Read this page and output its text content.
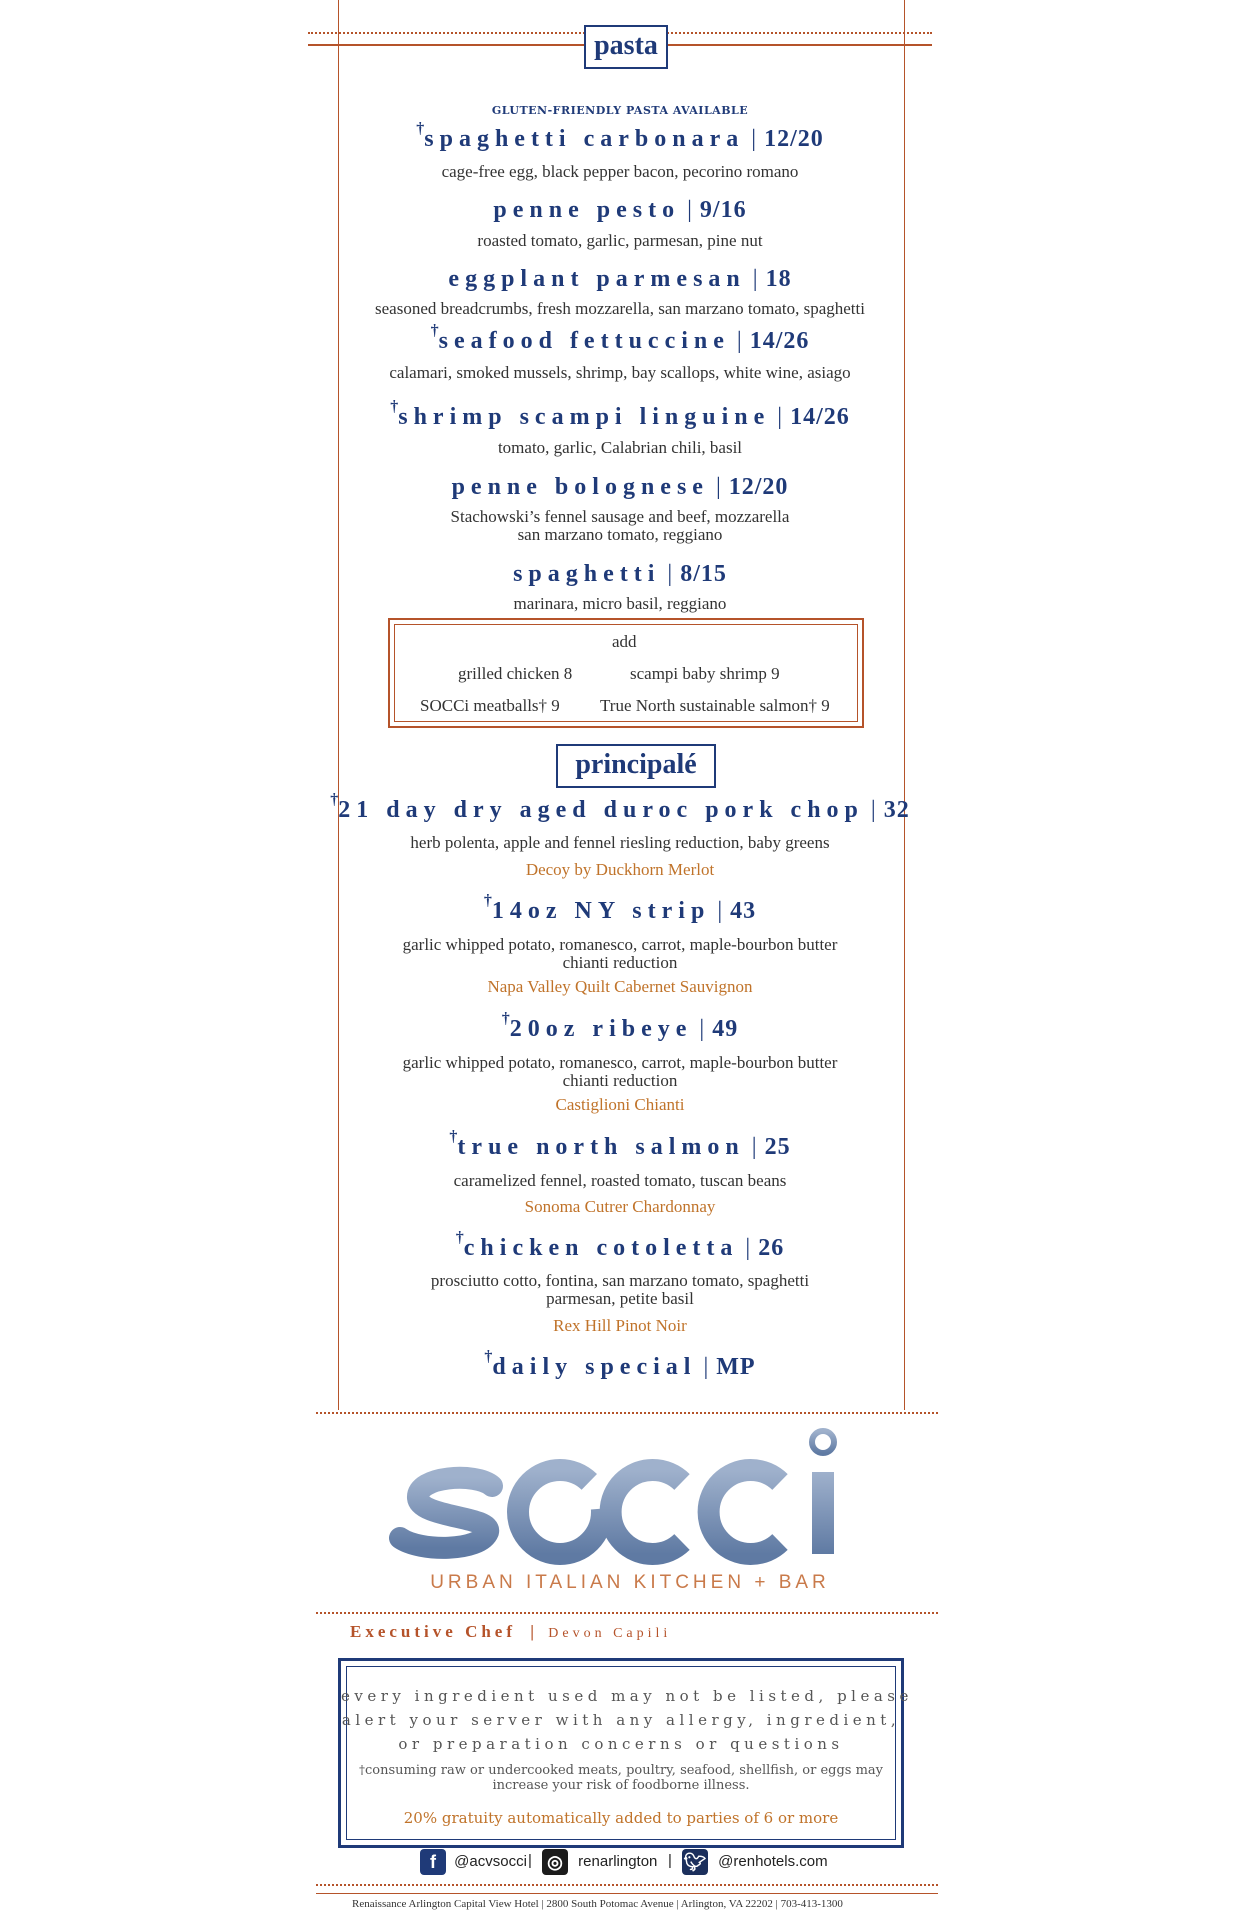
pasta
GLUTEN-FRIENDLY PASTA AVAILABLE
†spaghetti carbonara | 12/20
cage-free egg, black pepper bacon, pecorino romano
penne pesto | 9/16
roasted tomato, garlic, parmesan, pine nut
eggplant parmesan | 18
seasoned breadcrumbs, fresh mozzarella, san marzano tomato, spaghetti
†seafood fettuccine | 14/26
calamari, smoked mussels, shrimp, bay scallops, white wine, asiago
†shrimp scampi linguine | 14/26
tomato, garlic, Calabrian chili, basil
penne bolognese | 12/20
Stachowski’s fennel sausage and beef, mozzarella
san marzano tomato, reggiano
spaghetti | 8/15
marinara, micro basil, reggiano
add
grilled chicken 8	scampi baby shrimp 9
SOCCi meatballs† 9 True North sustainable salmon† 9
principalé
†21 day dry aged duroc pork chop | 32
herb polenta, apple and fennel riesling reduction, baby greens
Decoy by Duckhorn Merlot
†14oz NY strip | 43
garlic whipped potato, romanesco, carrot, maple-bourbon butter
chianti reduction
Napa Valley Quilt Cabernet Sauvignon
†20oz ribeye | 49
garlic whipped potato, romanesco, carrot, maple-bourbon butter
chianti reduction
Castiglioni Chianti
†true north salmon | 25
caramelized fennel, roasted tomato, tuscan beans
Sonoma Cutrer Chardonnay
†chicken cotoletta | 26
prosciutto cotto, fontina, san marzano tomato, spaghetti
parmesan, petite basil
Rex Hill Pinot Noir
†daily special | MP
URBAN ITALIAN KITCHEN + BAR
Executive Chef | Devon Capili
every ingredient used may not be listed, please
alert your server with any allergy, ingredient,
or preparation concerns or questions
†consuming raw or undercooked meats, poultry, seafood, shellfish, or eggs may
increase your risk of foodborne illness.
20% gratuity automatically added to parties of 6 or more
f @acvsocci | ◎ renarlington | 🐦︎ @renhotels.com
Renaissance Arlington Capital View Hotel | 2800 South Potomac Avenue | Arlington, VA 22202 | 703-413-1300
